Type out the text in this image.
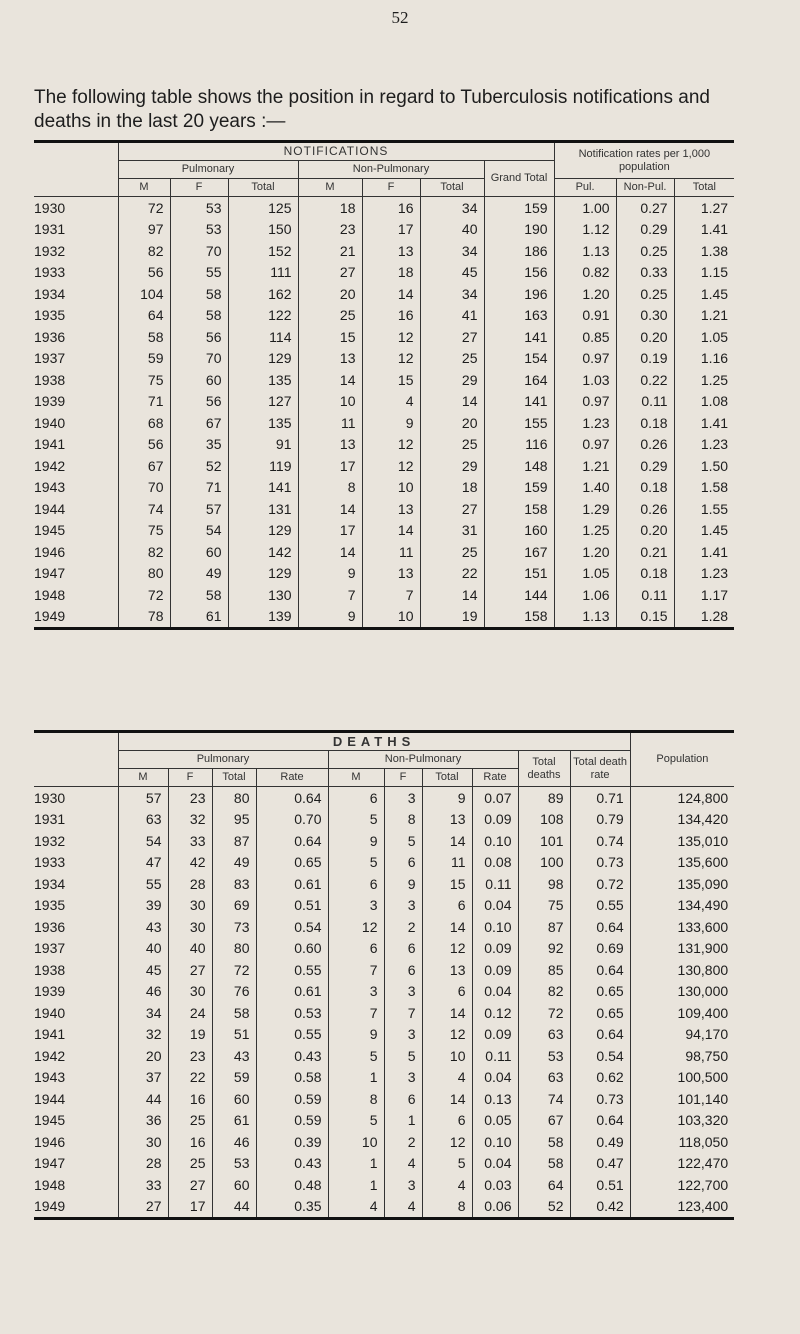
52
The following table shows the position in regard to Tuberculosis notifications and deaths in the last 20 years :—
	NOTIFICATIONS							Notification rates per 1,000 population		
	Pulmonary			Non-Pulmonary			Grand Total			
	M	F	Total	M	F	Total		Pul.	Non-Pul.	Total
1930	72	53	125	18	16	34	159	1.00	0.27	1.27
1931	97	53	150	23	17	40	190	1.12	0.29	1.41
1932	82	70	152	21	13	34	186	1.13	0.25	1.38
1933	56	55	111	27	18	45	156	0.82	0.33	1.15
1934	104	58	162	20	14	34	196	1.20	0.25	1.45
1935	64	58	122	25	16	41	163	0.91	0.30	1.21
1936	58	56	114	15	12	27	141	0.85	0.20	1.05
1937	59	70	129	13	12	25	154	0.97	0.19	1.16
1938	75	60	135	14	15	29	164	1.03	0.22	1.25
1939	71	56	127	10	4	14	141	0.97	0.11	1.08
1940	68	67	135	11	9	20	155	1.23	0.18	1.41
1941	56	35	91	13	12	25	116	0.97	0.26	1.23
1942	67	52	119	17	12	29	148	1.21	0.29	1.50
1943	70	71	141	8	10	18	159	1.40	0.18	1.58
1944	74	57	131	14	13	27	158	1.29	0.26	1.55
1945	75	54	129	17	14	31	160	1.25	0.20	1.45
1946	82	60	142	14	11	25	167	1.20	0.21	1.41
1947	80	49	129	9	13	22	151	1.05	0.18	1.23
1948	72	58	130	7	7	14	144	1.06	0.11	1.17
1949	78	61	139	9	10	19	158	1.13	0.15	1.28
	DEATHS										Population
	Pulmonary				Non-Pulmonary				Total deaths	Total death rate	
	M	F	Total	Rate	M	F	Total	Rate			
1930	57	23	80	0.64	6	3	9	0.07	89	0.71	124,800
1931	63	32	95	0.70	5	8	13	0.09	108	0.79	134,420
1932	54	33	87	0.64	9	5	14	0.10	101	0.74	135,010
1933	47	42	49	0.65	5	6	11	0.08	100	0.73	135,600
1934	55	28	83	0.61	6	9	15	0.11	98	0.72	135,090
1935	39	30	69	0.51	3	3	6	0.04	75	0.55	134,490
1936	43	30	73	0.54	12	2	14	0.10	87	0.64	133,600
1937	40	40	80	0.60	6	6	12	0.09	92	0.69	131,900
1938	45	27	72	0.55	7	6	13	0.09	85	0.64	130,800
1939	46	30	76	0.61	3	3	6	0.04	82	0.65	130,000
1940	34	24	58	0.53	7	7	14	0.12	72	0.65	109,400
1941	32	19	51	0.55	9	3	12	0.09	63	0.64	94,170
1942	20	23	43	0.43	5	5	10	0.11	53	0.54	98,750
1943	37	22	59	0.58	1	3	4	0.04	63	0.62	100,500
1944	44	16	60	0.59	8	6	14	0.13	74	0.73	101,140
1945	36	25	61	0.59	5	1	6	0.05	67	0.64	103,320
1946	30	16	46	0.39	10	2	12	0.10	58	0.49	118,050
1947	28	25	53	0.43	1	4	5	0.04	58	0.47	122,470
1948	33	27	60	0.48	1	3	4	0.03	64	0.51	122,700
1949	27	17	44	0.35	4	4	8	0.06	52	0.42	123,400
